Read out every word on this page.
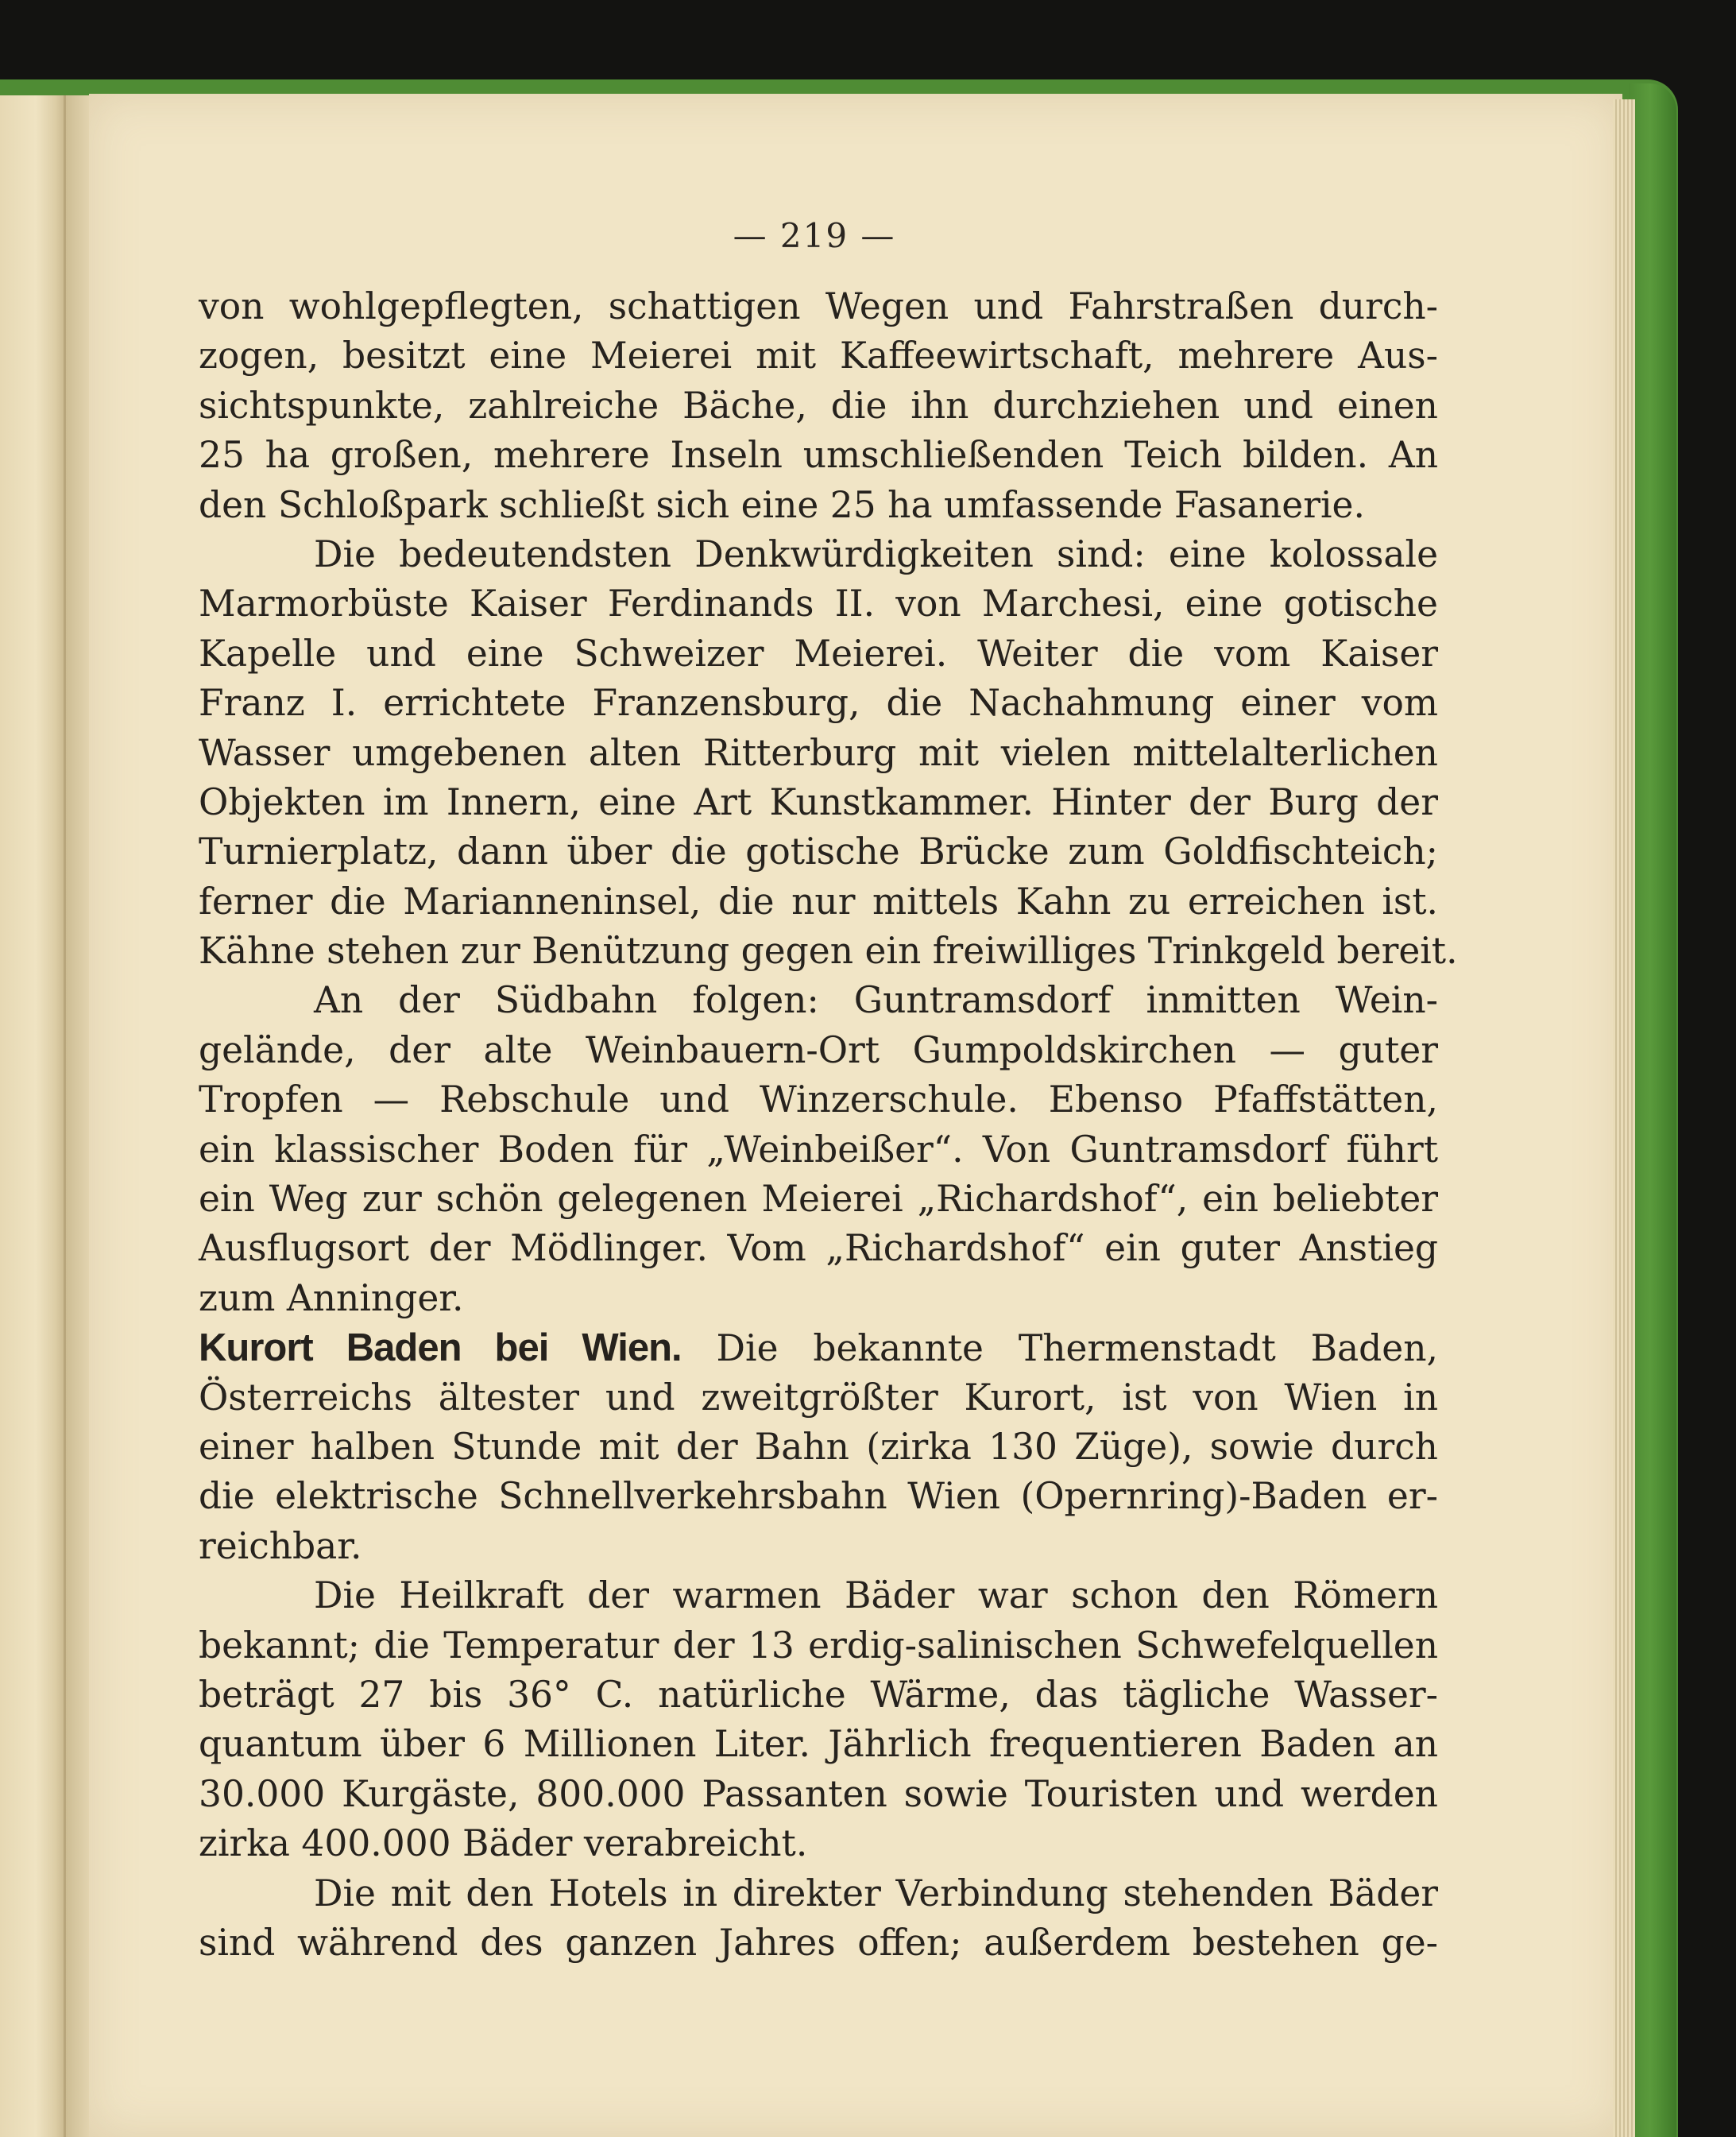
— 219 —
von wohlgepflegten, schattigen Wegen und Fahrstraßen durch-
zogen, besitzt eine Meierei mit Kaffeewirtschaft, mehrere Aus-
sichtspunkte, zahlreiche Bäche, die ihn durchziehen und einen
25 ha großen, mehrere Inseln umschließenden Teich bilden. An
den Schloßpark schließt sich eine 25 ha umfassende Fasanerie.
Die bedeutendsten Denkwürdigkeiten sind: eine kolossale
Marmorbüste Kaiser Ferdinands II. von Marchesi, eine gotische
Kapelle und eine Schweizer Meierei. Weiter die vom Kaiser
Franz I. errichtete Franzensburg, die Nachahmung einer vom
Wasser umgebenen alten Ritterburg mit vielen mittelalterlichen
Objekten im Innern, eine Art Kunstkammer. Hinter der Burg der
Turnierplatz, dann über die gotische Brücke zum Goldfischteich;
ferner die Marianneninsel, die nur mittels Kahn zu erreichen ist.
Kähne stehen zur Benützung gegen ein freiwilliges Trinkgeld bereit.
An der Südbahn folgen: Guntramsdorf inmitten Wein-
gelände, der alte Weinbauern-Ort Gumpoldskirchen — guter
Tropfen — Rebschule und Winzerschule. Ebenso Pfaffstätten,
ein klassischer Boden für „Weinbeißer“. Von Guntramsdorf führt
ein Weg zur schön gelegenen Meierei „Richardshof“, ein beliebter
Ausflugsort der Mödlinger. Vom „Richardshof“ ein guter Anstieg
zum Anninger.
Kurort Baden bei Wien. Die bekannte Thermenstadt Baden,
Österreichs ältester und zweitgrößter Kurort, ist von Wien in
einer halben Stunde mit der Bahn (zirka 130 Züge), sowie durch
die elektrische Schnellverkehrsbahn Wien (Opernring)-Baden er-
reichbar.
Die Heilkraft der warmen Bäder war schon den Römern
bekannt; die Temperatur der 13 erdig-salinischen Schwefelquellen
beträgt 27 bis 36° C. natürliche Wärme, das tägliche Wasser-
quantum über 6 Millionen Liter. Jährlich frequentieren Baden an
30.000 Kurgäste, 800.000 Passanten sowie Touristen und werden
zirka 400.000 Bäder verabreicht.
Die mit den Hotels in direkter Verbindung stehenden Bäder
sind während des ganzen Jahres offen; außerdem bestehen ge-
